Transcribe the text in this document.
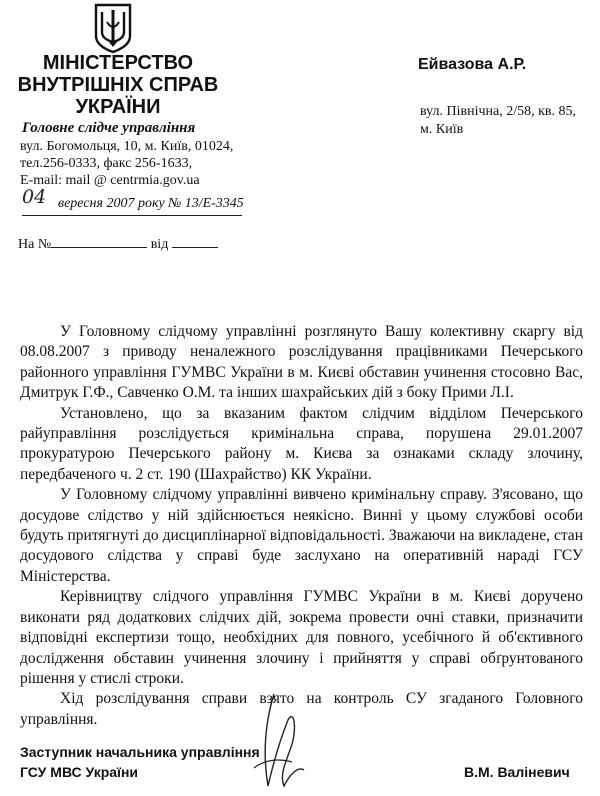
МІНІСТЕРСТВО
ВНУТРІШНІХ СПРАВ
УКРАЇНИ
Головне слідче управління
вул. Богомольця, 10, м. Київ, 01024,
тел.256-0333, факс 256-1633,
E-mail: mail @ centrmia.gov.ua
04 вересня 2007 року № 13/Е-3345
На №	від
Ейвазова А.Р.
вул. Північна, 2/58, кв. 85,
м. Київ

У Головному слідчому управлінні розглянуто Вашу колективну скаргу від 08.08.2007 з приводу неналежного розслідування працівниками Печерського районного управління ГУМВС України в м. Києві обставин учинення стосовно Вас, Дмитрук Г.Ф., Савченко О.М. та інших шахрайських дій з боку Прими Л.І.

Установлено, що за вказаним фактом слідчим відділом Печерського райуправління розслідується кримінальна справа, порушена 29.01.2007 прокуратурою Печерського району м. Києва за ознаками складу злочину, передбаченого ч. 2 ст. 190 (Шахрайство) КК України.

У Головному слідчому управлінні вивчено кримінальну справу. З'ясовано, що досудове слідство у ній здійснюється неякісно. Винні у цьому службові особи будуть притягнуті до дисциплінарної відповідальності. Зважаючи на викладене, стан досудового слідства у справі буде заслухано на оперативній нараді ГСУ Міністерства.

Керівництву слідчого управління ГУМВС України в м. Києві доручено виконати ряд додаткових слідчих дій, зокрема провести очні ставки, призначити відповідні експертизи тощо, необхідних для повного, усебічного й об'єктивного дослідження обставин учинення злочину і прийняття у справі обґрунтованого рішення у стислі строки.

Хід розслідування справи взято на контроль СУ згаданого Головного управління.

Заступник начальника управління
ГСУ МВС України	В.М. Валіневич
